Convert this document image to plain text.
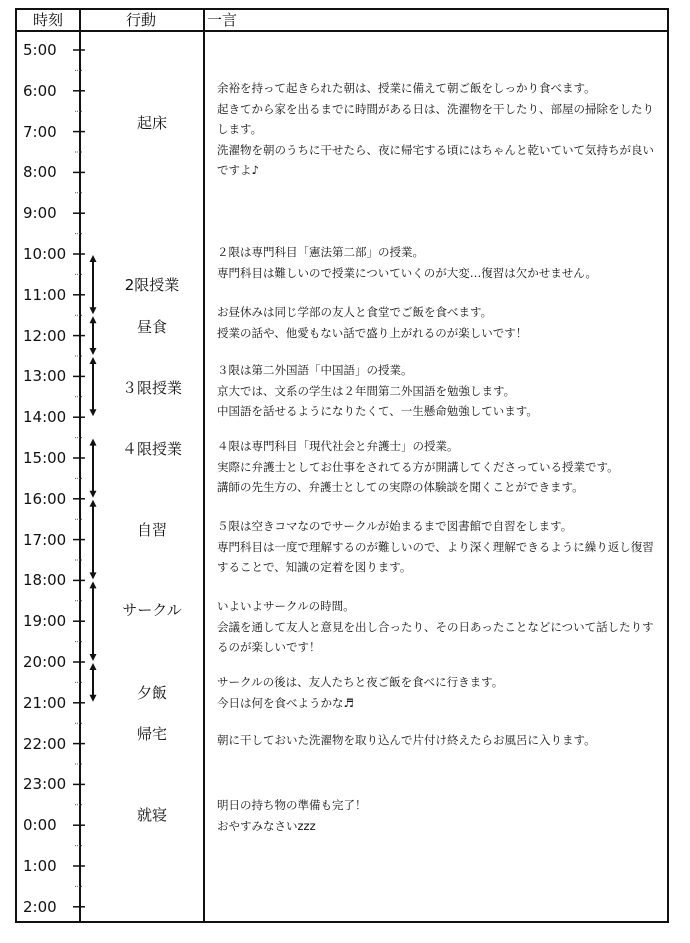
時刻	行動	一言
5:00
6:00
7:00
8:00
9:00
10:00
11:00
12:00
13:00
14:00
15:00
16:00
17:00
18:00
19:00
20:00
21:00
22:00
23:00
0:00
1:00
2:00
起床
2限授業
昼食
３限授業
４限授業
自習
サークル
夕飯
帰宅
就寝
余裕を持って起きられた朝は、授業に備えて朝ご飯をしっかり食べます。
起きてから家を出るまでに時間がある日は、洗濯物を干したり、部屋の掃除をしたりします。
洗濯物を朝のうちに干せたら、夜に帰宅する頃にはちゃんと乾いていて気持ちが良いですよ♪
２限は専門科目「憲法第二部」の授業。
専門科目は難しいので授業についていくのが大変…復習は欠かせません。
お昼休みは同じ学部の友人と食堂でご飯を食べます。
授業の話や、他愛もない話で盛り上がれるのが楽しいです！
３限は第二外国語「中国語」の授業。
京大では、文系の学生は２年間第二外国語を勉強します。
中国語を話せるようになりたくて、一生懸命勉強しています。
４限は専門科目「現代社会と弁護士」の授業。
実際に弁護士としてお仕事をされてる方が開講してくださっている授業です。
講師の先生方の、弁護士としての実際の体験談を聞くことができます。
５限は空きコマなのでサークルが始まるまで図書館で自習をします。
専門科目は一度で理解するのが難しいので、より深く理解できるように繰り返し復習することで、知識の定着を図ります。
いよいよサークルの時間。
会議を通して友人と意見を出し合ったり、その日あったことなどについて話したりするのが楽しいです！
サークルの後は、友人たちと夜ご飯を食べに行きます。
今日は何を食べようかな♬
朝に干しておいた洗濯物を取り込んで片付け終えたらお風呂に入ります。
明日の持ち物の準備も完了！
おやすみなさいzzz
